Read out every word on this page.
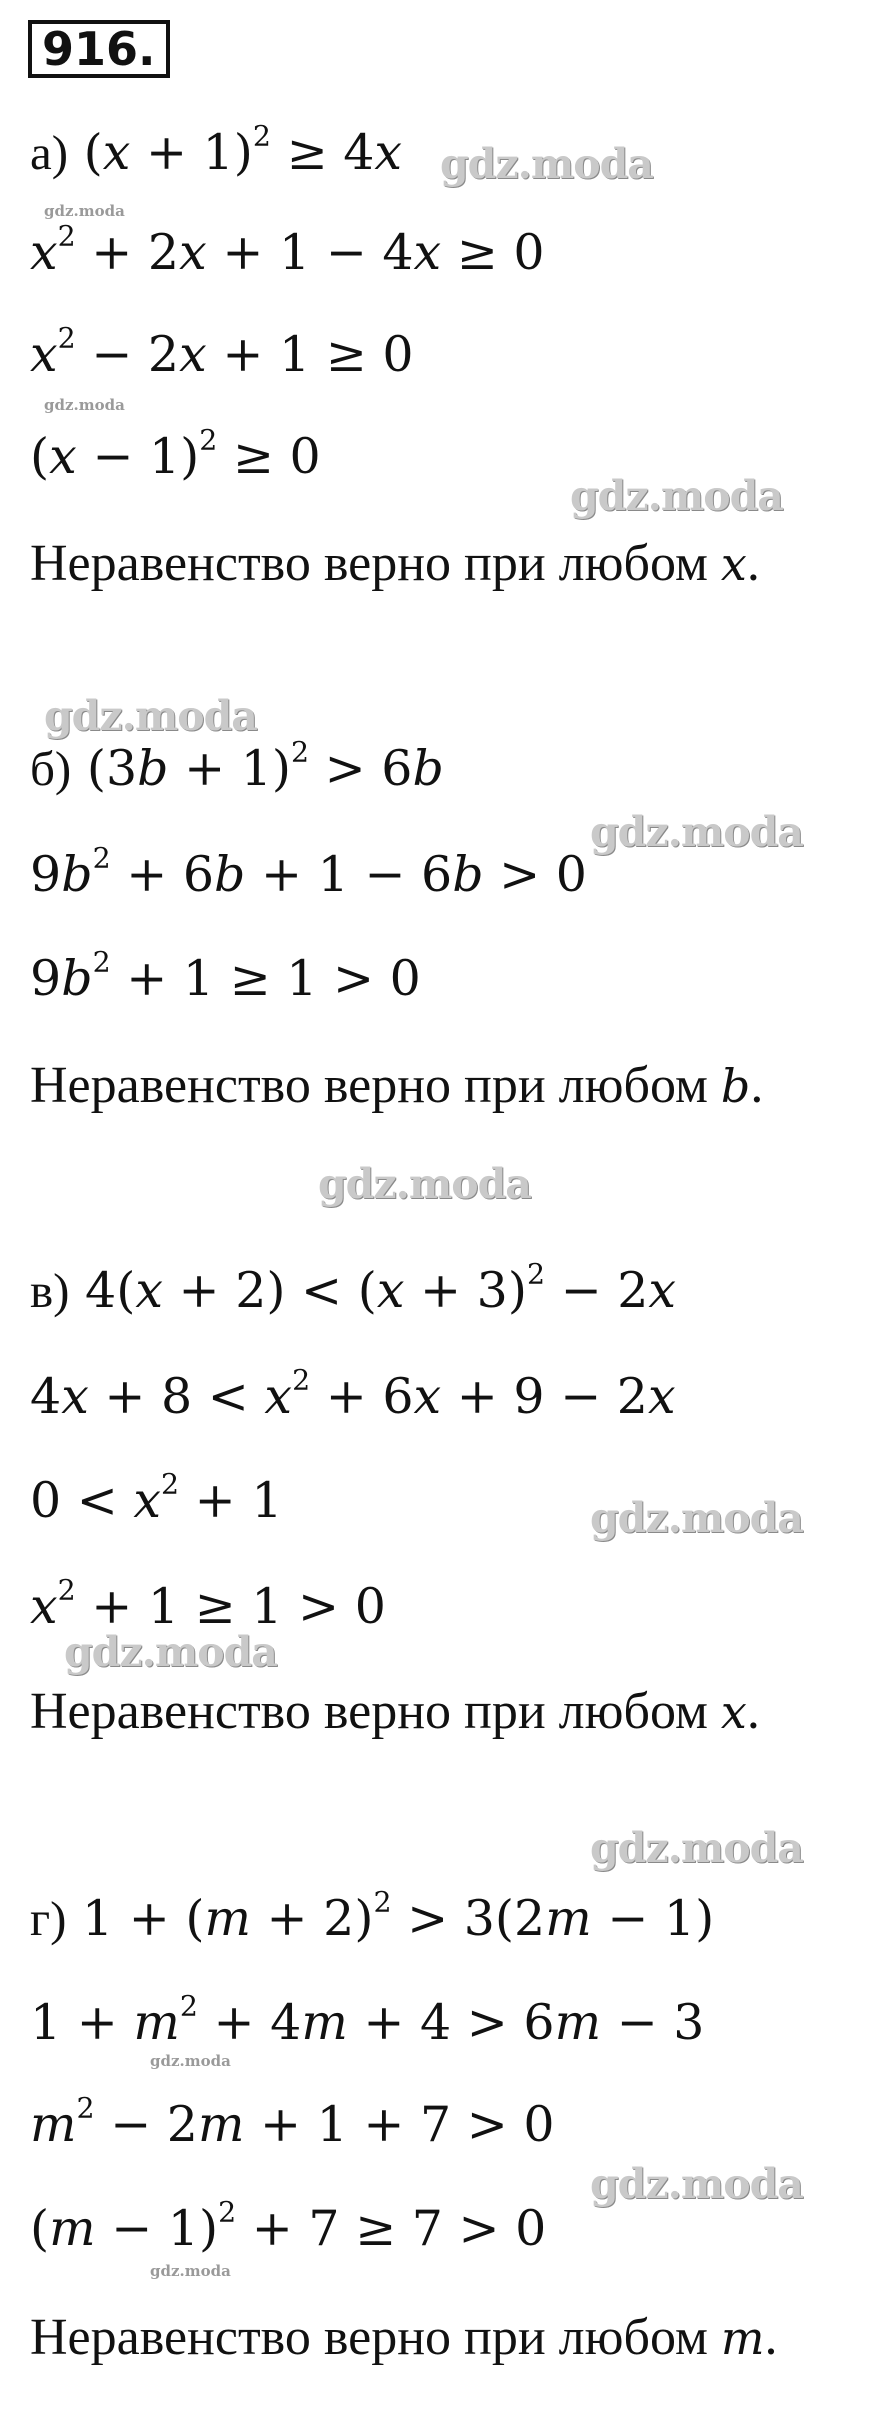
916.
а) $(x + 1)^2 \ge 4x$
$x^2 + 2x + 1 - 4x \ge 0$
$x^2 - 2x + 1 \ge 0$
$(x - 1)^2 \ge 0$
Неравенство верно при любом x.
б) $(3b + 1)^2 > 6b$
$9b^2 + 6b + 1 - 6b > 0$
$9b^2 + 1 \ge 1 > 0$
Неравенство верно при любом b.
в) $4(x + 2) < (x + 3)^2 - 2x$
$4x + 8 < x^2 + 6x + 9 - 2x$
$0 < x^2 + 1$
$x^2 + 1 \ge 1 > 0$
Неравенство верно при любом x.
г) $1 + (m + 2)^2 > 3(2m - 1)$
$1 + m^2 + 4m + 4 > 6m - 3$
$m^2 - 2m + 1 + 7 > 0$
$(m - 1)^2 + 7 \ge 7 > 0$
Неравенство верно при любом m.
gdz.moda
gdz.moda
gdz.moda
gdz.moda
gdz.moda
gdz.moda
gdz.moda
gdz.moda
gdz.moda
gdz.moda
gdz.moda
gdz.moda
gdz.moda
